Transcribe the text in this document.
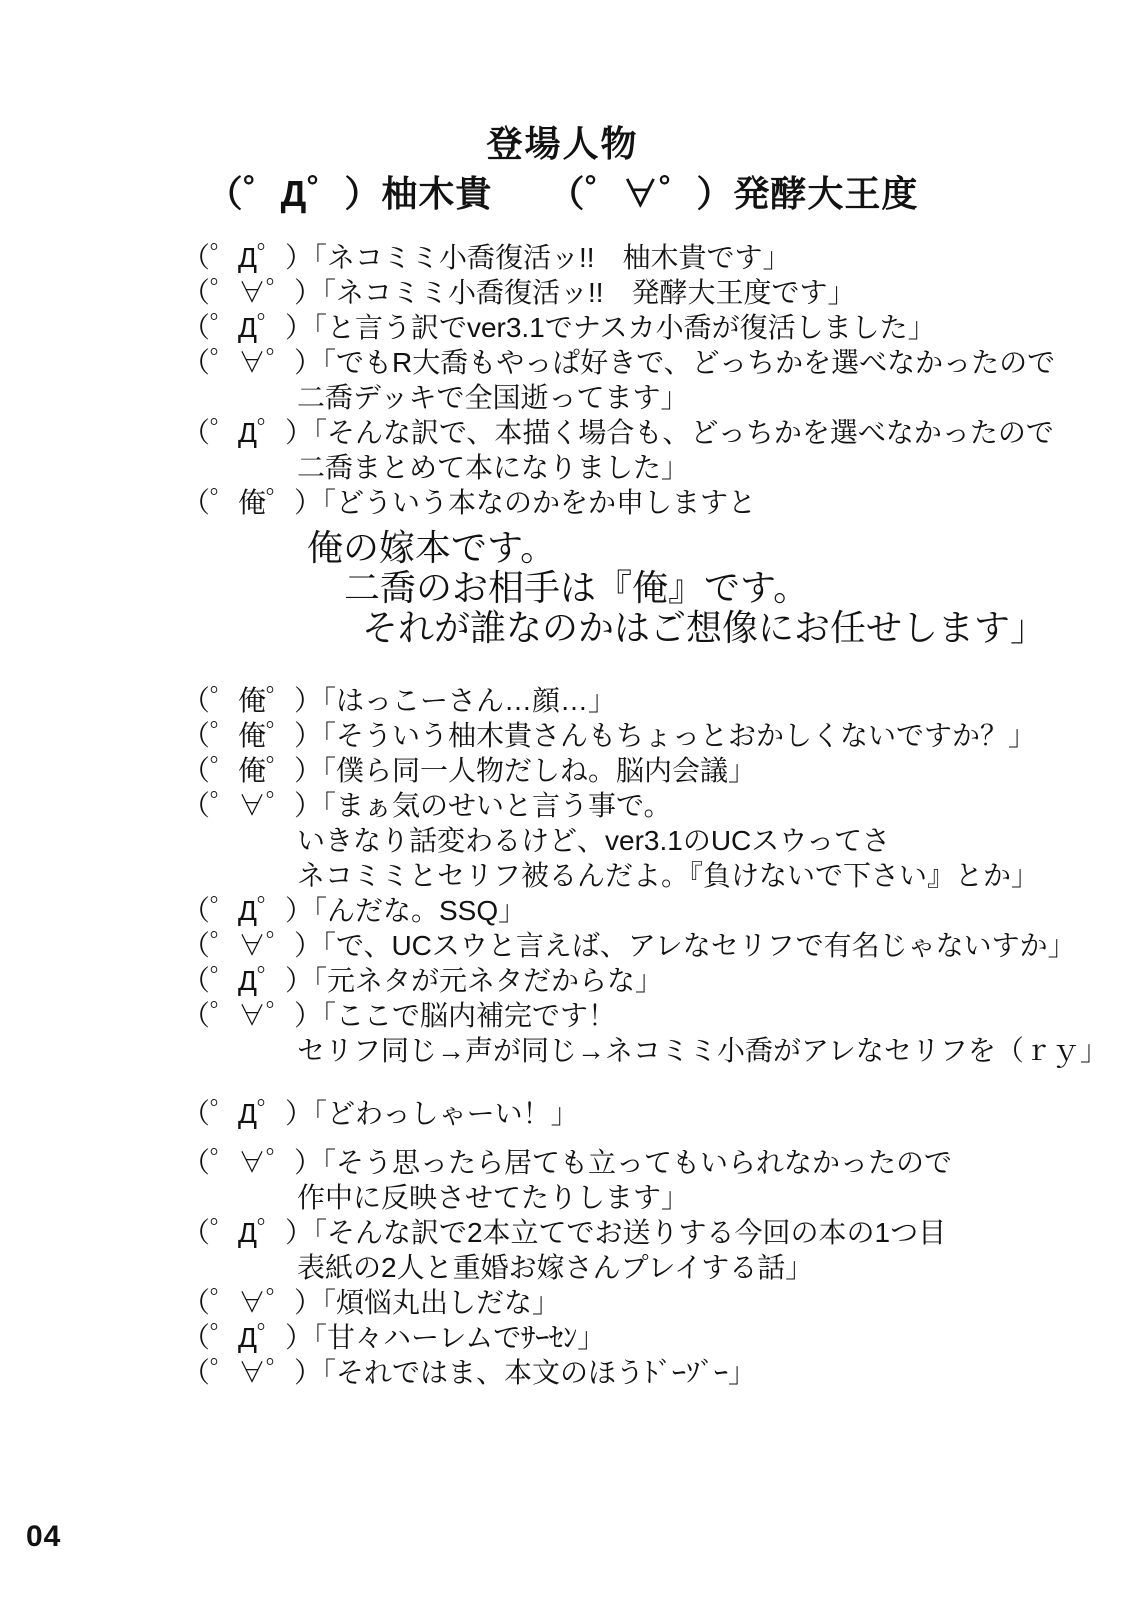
登場人物
（゜Д゜）柚木貴　　（゜∀゜）発酵大王度
（゜Д゜）「ネコミミ小喬復活ッ!!　柚木貴です」
（゜∀゜）「ネコミミ小喬復活ッ!!　発酵大王度です」
（゜Д゜）「と言う訳でver3.1でナスカ小喬が復活しました」
（゜∀゜）「でもR大喬もやっぱ好きで、どっちかを選べなかったので
二喬デッキで全国逝ってます」
（゜Д゜）「そんな訳で、本描く場合も、どっちかを選べなかったので
二喬まとめて本になりました」
（゜俺゜）「どういう本なのかをか申しますと
俺の嫁本です。
二喬のお相手は『俺』です。
それが誰なのかはご想像にお任せします」
（゜俺゜）「はっこーさん…顔…」
（゜俺゜）「そういう柚木貴さんもちょっとおかしくないですか？」
（゜俺゜）「僕ら同一人物だしね。脳内会議」
（゜∀゜）「まぁ気のせいと言う事で。
いきなり話変わるけど、ver3.1のUCスウってさ
ネコミミとセリフ被るんだよ。『負けないで下さい』とか」
（゜Д゜）「んだな。SSQ」
（゜∀゜）「で、UCスウと言えば、アレなセリフで有名じゃないすか」
（゜Д゜）「元ネタが元ネタだからな」
（゜∀゜）「ここで脳内補完です！
セリフ同じ→声が同じ→ネコミミ小喬がアレなセリフを（ｒｙ」
（゜Д゜）「どわっしゃーい！」
（゜∀゜）「そう思ったら居ても立ってもいられなかったので
作中に反映させてたりします」
（゜Д゜）「そんな訳で2本立てでお送りする今回の本の1つ目
表紙の2人と重婚お嫁さんプレイする話」
（゜∀゜）「煩悩丸出しだな」
（゜Д゜）「甘々ハーレムでｻｰｾﾝ」
（゜∀゜）「それではま、本文のほうﾄﾞｰｿﾞｰ」
04
